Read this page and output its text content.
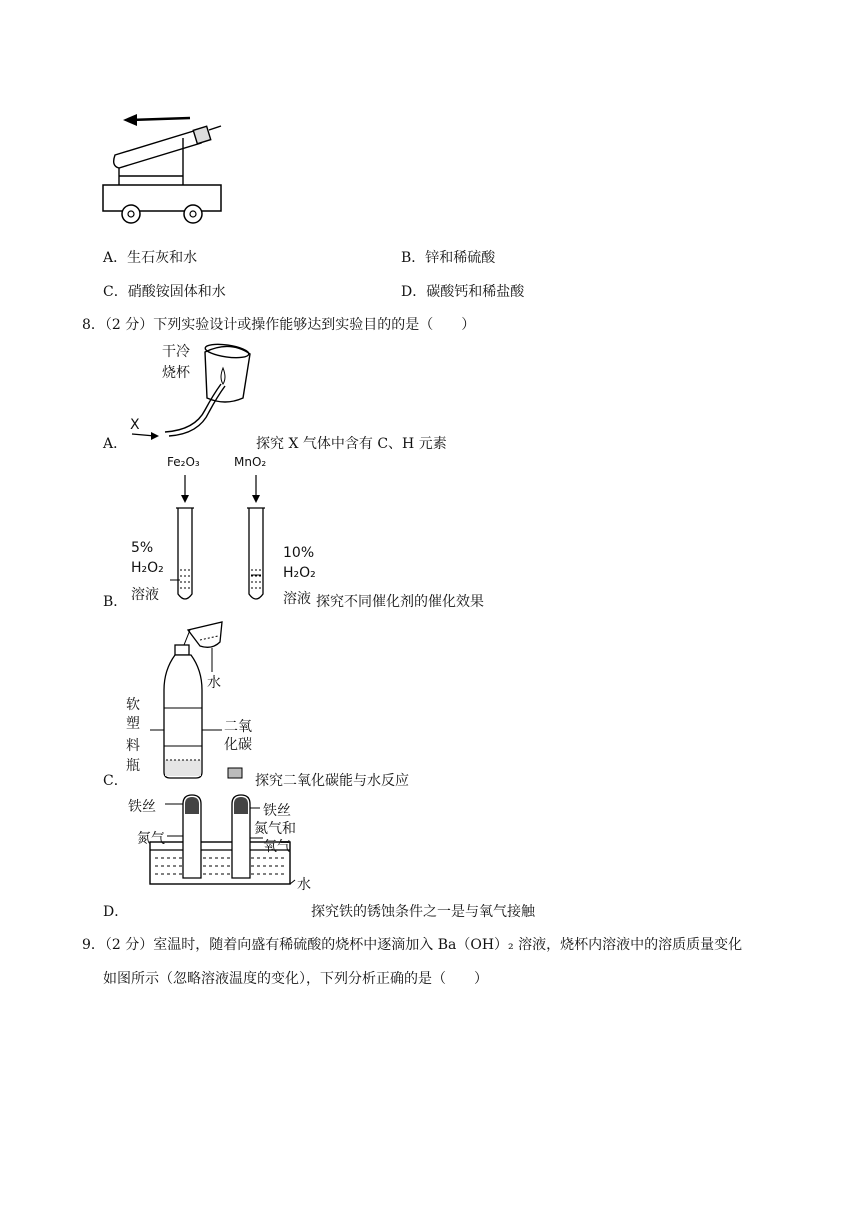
A．生石灰和水	B．锌和稀硫酸
C．硝酸铵固体和水	D．碳酸钙和稀盐酸
8．（2 分）下列实验设计或操作能够达到实验目的的是（　　）
干冷
烧杯
X
A．	探究 X 气体中含有 C、H 元素
Fe₂O₃	MnO₂
5%
H₂O₂
溶液
10%
H₂O₂
溶液
B．	探究不同催化剂的催化效果
水
软
塑
料
瓶
二氧
化碳
C．	探究二氧化碳能与水反应
铁丝	铁丝
氮气
氮气和
氧气
水
D．	探究铁的锈蚀条件之一是与氧气接触
9．（2 分）室温时，随着向盛有稀硫酸的烧杯中逐滴加入 Ba（OH）₂ 溶液，烧杯内溶液中的溶质质量变化
如图所示（忽略溶液温度的变化），下列分析正确的是（　　）
